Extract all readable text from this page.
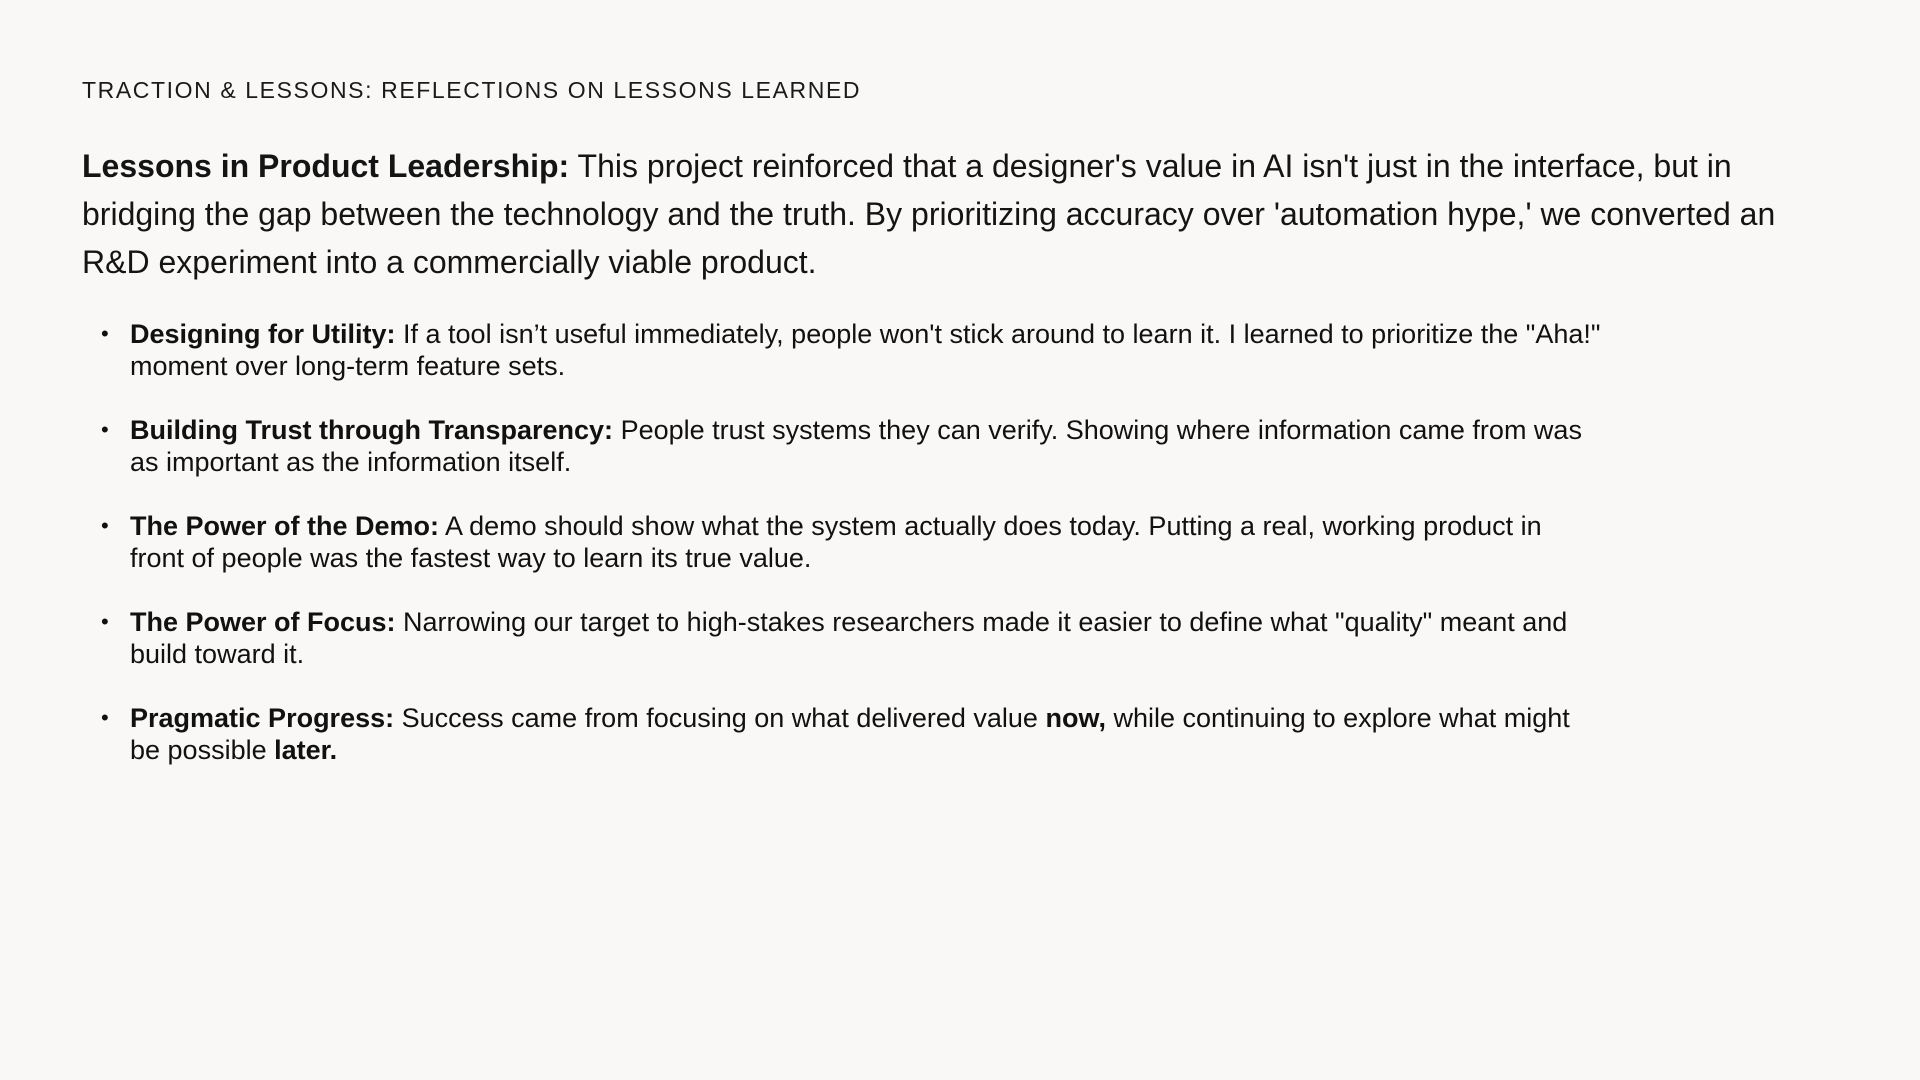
TRACTION & LESSONS: REFLECTIONS ON LESSONS LEARNED

Lessons in Product Leadership: This project reinforced that a designer's value in AI isn't just in the interface, but in bridging the gap between the technology and the truth. By prioritizing accuracy over 'automation hype,' we converted an R&D experiment into a commercially viable product.

• Designing for Utility: If a tool isn’t useful immediately, people won't stick around to learn it. I learned to prioritize the "Aha!" moment over long-term feature sets.
• Building Trust through Transparency: People trust systems they can verify. Showing where information came from was as important as the information itself.
• The Power of the Demo: A demo should show what the system actually does today. Putting a real, working product in front of people was the fastest way to learn its true value.
• The Power of Focus: Narrowing our target to high-stakes researchers made it easier to define what "quality" meant and build toward it.
• Pragmatic Progress: Success came from focusing on what delivered value now, while continuing to explore what might be possible later.
